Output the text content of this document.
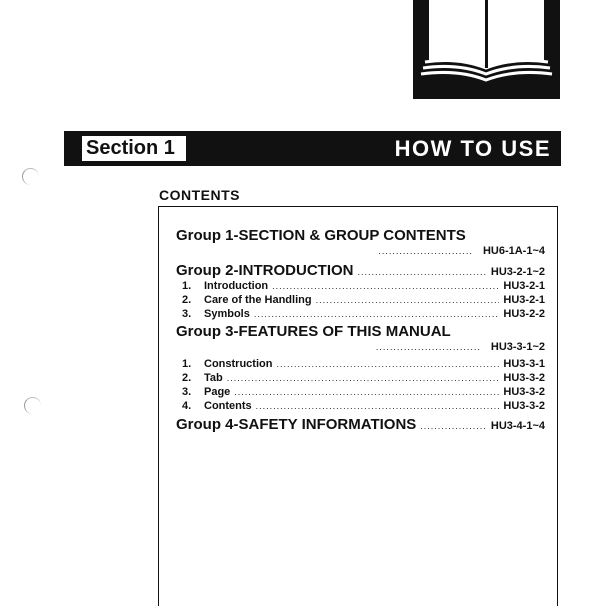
Section 1	HOW TO USE
CONTENTS
Group 1-SECTION & GROUP CONTENTS
........................... HU6-1A-1~4
Group 2-INTRODUCTION .....	HU3-2-1~2
1.	Introduction .....	HU3-2-1
2.	Care of the Handling .....	HU3-2-1
3.	Symbols .....	HU3-2-2
Group 3-FEATURES OF THIS MANUAL
.............................. HU3-3-1~2
1.	Construction .....	HU3-3-1
2.	Tab .....	HU3-3-2
3.	Page .....	HU3-3-2
4.	Contents .....	HU3-3-2
Group 4-SAFETY INFORMATIONS .....	HU3-4-1~4
